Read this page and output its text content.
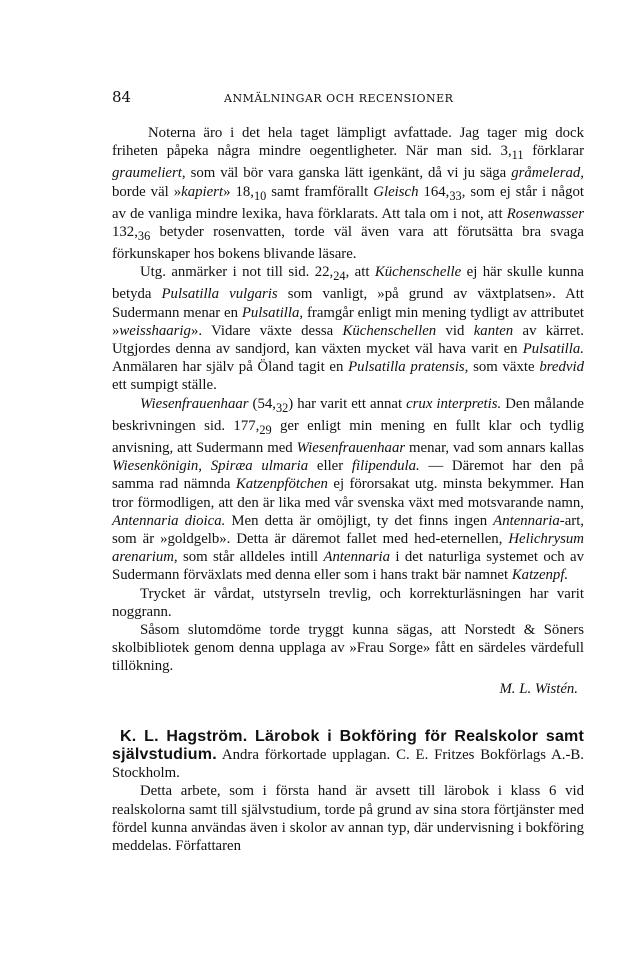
84	ANMÄLNINGAR OCH RECENSIONER

Noterna äro i det hela taget lämpligt avfattade. Jag tager mig dock friheten påpeka några mindre oegentligheter. När man sid. $3,_{11}$ förklarar graumeliert, som väl bör vara ganska lätt igenkänt, då vi ju säga gråmelerad, borde väl »kapiert» $18,_{10}$ samt framförallt Gleisch $164,_{33}$, som ej står i något av de vanliga mindre lexika, hava förklarats. Att tala om i not, att Rosenwasser $132,_{36}$ betyder rosenvatten, torde väl även vara att förutsätta bra svaga förkunskaper hos bokens blivande läsare.

Utg. anmärker i not till sid. $22,_{24}$, att Küchenschelle ej här skulle kunna betyda Pulsatilla vulgaris som vanligt, »på grund av växtplatsen». Att Sudermann menar en Pulsatilla, framgår enligt min mening tydligt av attributet »weisshaarig». Vidare växte dessa Küchenschellen vid kanten av kärret. Utgjordes denna av sandjord, kan växten mycket väl hava varit en Pulsatilla. Anmälaren har själv på Öland tagit en Pulsatilla pratensis, som växte bredvid ett sumpigt ställe.

Wiesenfrauenhaar $(54,_{32})$ har varit ett annat crux interpretis. Den målande beskrivningen sid. $177,_{29}$ ger enligt min mening en fullt klar och tydlig anvisning, att Sudermann med Wiesenfrauenhaar menar, vad som annars kallas Wiesenkönigin, Spiræa ulmaria eller filipendula. — Däremot har den på samma rad nämnda Katzenpfötchen ej förorsakat utg. minsta bekymmer. Han tror förmodligen, att den är lika med vår svenska växt med motsvarande namn, Antennaria dioica. Men detta är omöjligt, ty det finns ingen Antennaria-art, som är »goldgelb». Detta är däremot fallet med hed-eternellen, Helichrysum arenarium, som står alldeles intill Antennaria i det naturliga systemet och av Sudermann förväxlats med denna eller som i hans trakt bär namnet Katzenpf.

Trycket är vårdat, utstyrseln trevlig, och korrekturläsningen har varit noggrann.

Såsom slutomdöme torde tryggt kunna sägas, att Norstedt & Söners skolbibliotek genom denna upplaga av »Frau Sorge» fått en särdeles värdefull tillökning.

M. L. Wistén.
K. L. Hagström. Lärobok i Bokföring för Realskolor samt självstudium. Andra förkortade upplagan. C. E. Fritzes Bokförlags A.-B. Stockholm.

Detta arbete, som i första hand är avsett till lärobok i klass 6 vid realskolorna samt till självstudium, torde på grund av sina stora förtjänster med fördel kunna användas även i skolor av annan typ, där undervisning i bokföring meddelas. Författaren
